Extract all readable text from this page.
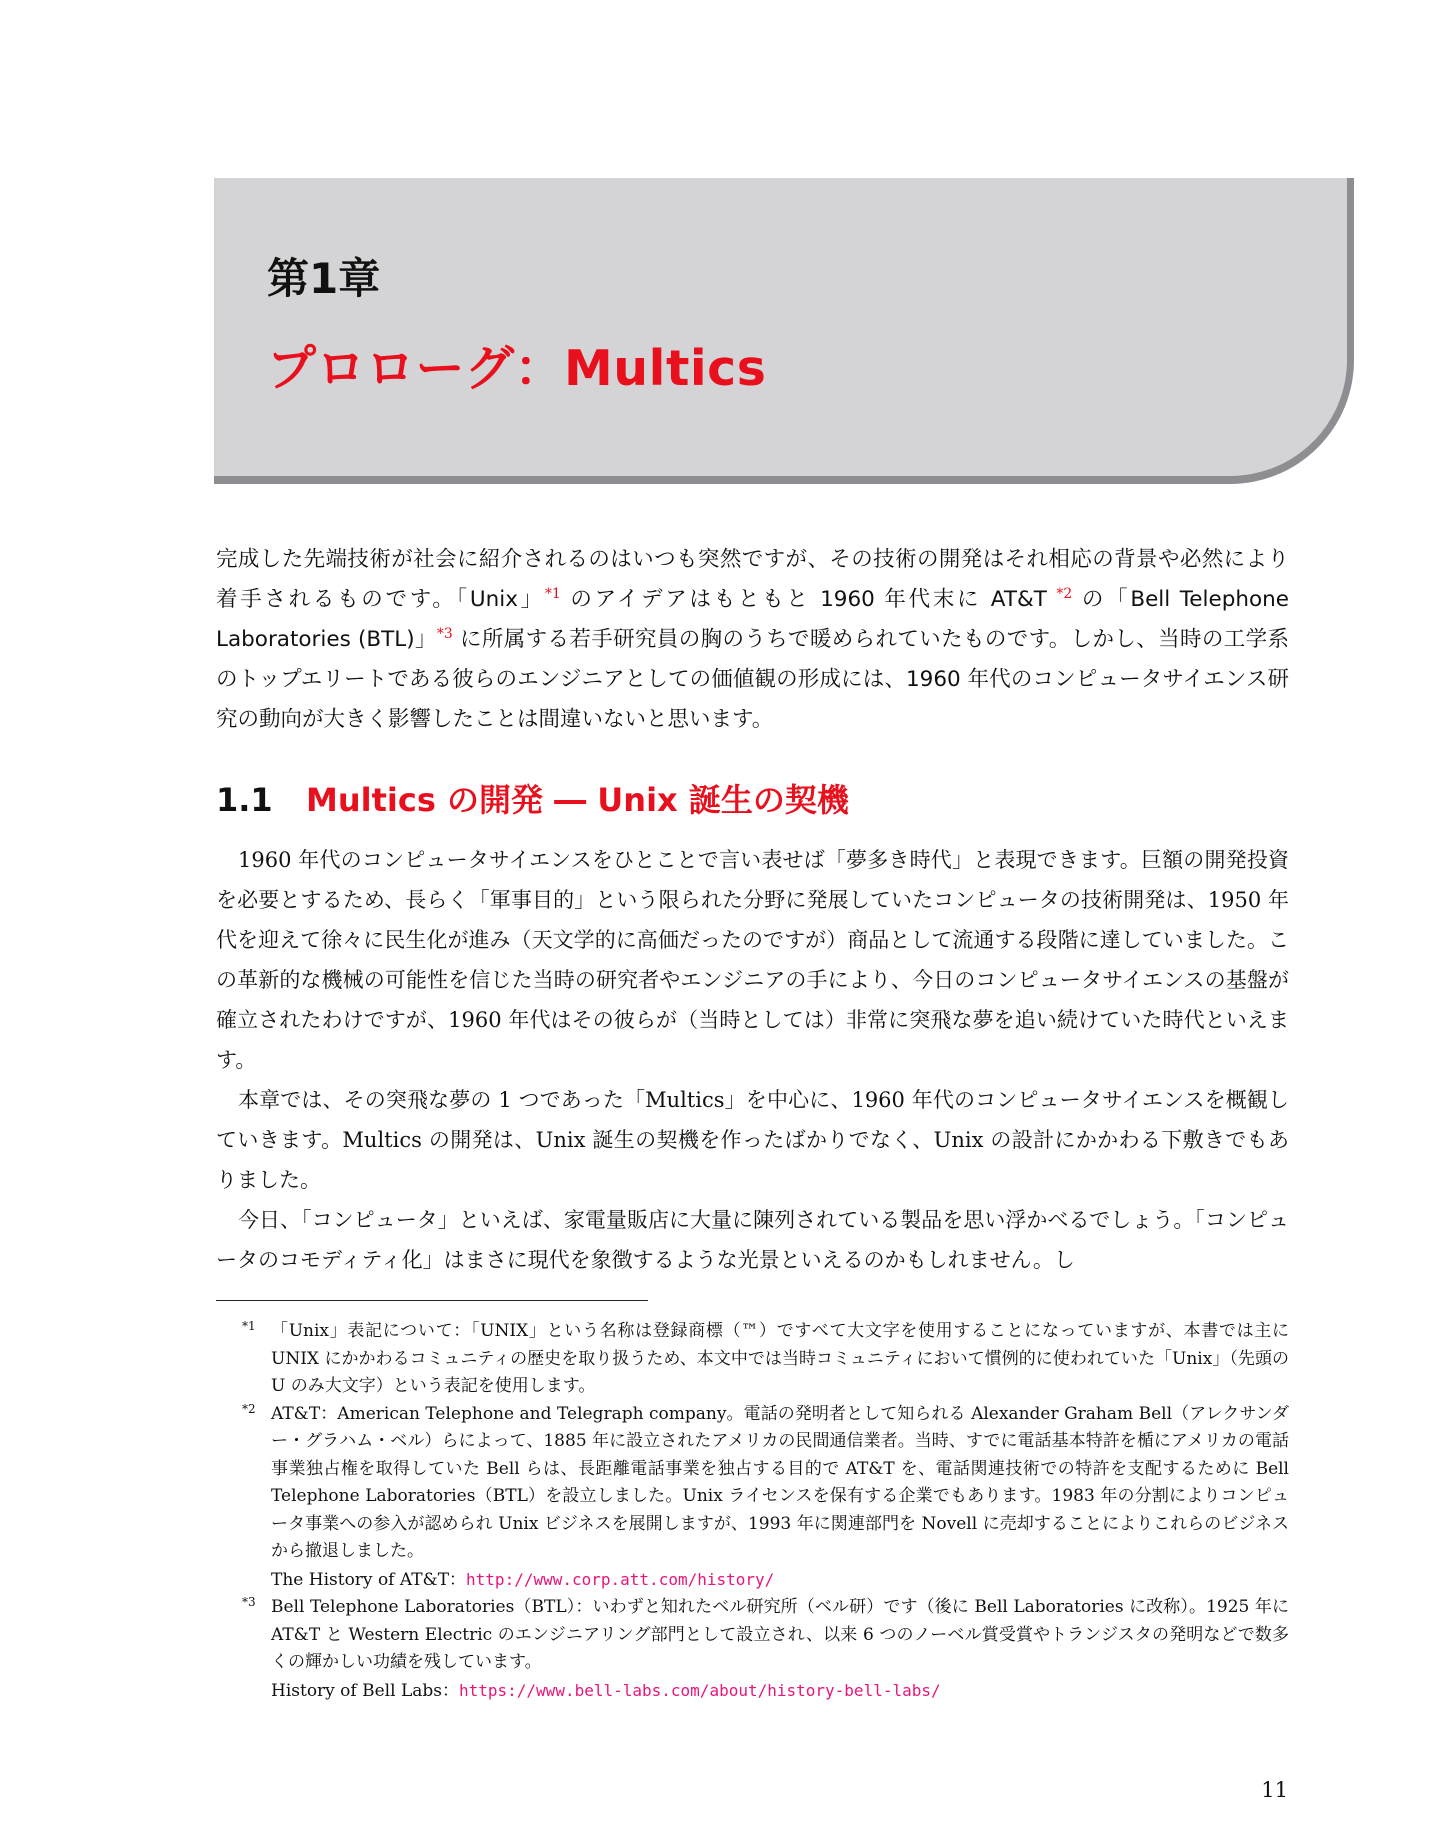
第1章
プロローグ：Multics
完成した先端技術が社会に紹介されるのはいつも突然ですが、その技術の開発はそれ相応の背景や必然により着手されるものです。「Unix」$^{*1}$ のアイデアはもともと 1960 年代末に AT&T $^{*2}$ の「Bell Telephone Laboratories (BTL)」$^{*3}$ に所属する若手研究員の胸のうちで暖められていたものです。しかし、当時の工学系のトップエリートである彼らのエンジニアとしての価値観の形成には、1960 年代のコンピュータサイエンス研究の動向が大きく影響したことは間違いないと思います。
1.1 Multics の開発 ― Unix 誕生の契機

1960 年代のコンピュータサイエンスをひとことで言い表せば「夢多き時代」と表現できます。巨額の開発投資を必要とするため、長らく「軍事目的」という限られた分野に発展していたコンピュータの技術開発は、1950 年代を迎えて徐々に民生化が進み（天文学的に高価だったのですが）商品として流通する段階に達していました。この革新的な機械の可能性を信じた当時の研究者やエンジニアの手により、今日のコンピュータサイエンスの基盤が確立されたわけですが、1960 年代はその彼らが（当時としては）非常に突飛な夢を追い続けていた時代といえます。

本章では、その突飛な夢の 1 つであった「Multics」を中心に、1960 年代のコンピュータサイエンスを概観していきます。Multics の開発は、Unix 誕生の契機を作ったばかりでなく、Unix の設計にかかわる下敷きでもありました。

今日、「コンピュータ」といえば、家電量販店に大量に陳列されている製品を思い浮かべるでしょう。「コンピュータのコモディティ化」はまさに現代を象徴するような光景といえるのかもしれません。し

*1 「Unix」表記について：「UNIX」という名称は登録商標（™）ですべて大文字を使用することになっていますが、本書では主に UNIX にかかわるコミュニティの歴史を取り扱うため、本文中では当時コミュニティにおいて慣例的に使われていた「Unix」（先頭の U のみ大文字）という表記を使用します。

*2 AT&T：American Telephone and Telegraph company。電話の発明者として知られる Alexander Graham Bell（アレクサンダー・グラハム・ベル）らによって、1885 年に設立されたアメリカの民間通信業者。当時、すでに電話基本特許を楯にアメリカの電話事業独占権を取得していた Bell らは、長距離電話事業を独占する目的で AT&T を、電話関連技術での特許を支配するために Bell Telephone Laboratories（BTL）を設立しました。Unix ライセンスを保有する企業でもあります。1983 年の分割によりコンピュータ事業への参入が認められ Unix ビジネスを展開しますが、1993 年に関連部門を Novell に売却することによりこれらのビジネスから撤退しました。

The History of AT&T：http://www.corp.att.com/history/

*3 Bell Telephone Laboratories（BTL）：いわずと知れたベル研究所（ベル研）です（後に Bell Laboratories に改称）。1925 年に AT&T と Western Electric のエンジニアリング部門として設立され、以来 6 つのノーベル賞受賞やトランジスタの発明などで数多くの輝かしい功績を残しています。

History of Bell Labs：https://www.bell-labs.com/about/history-bell-labs/

11
